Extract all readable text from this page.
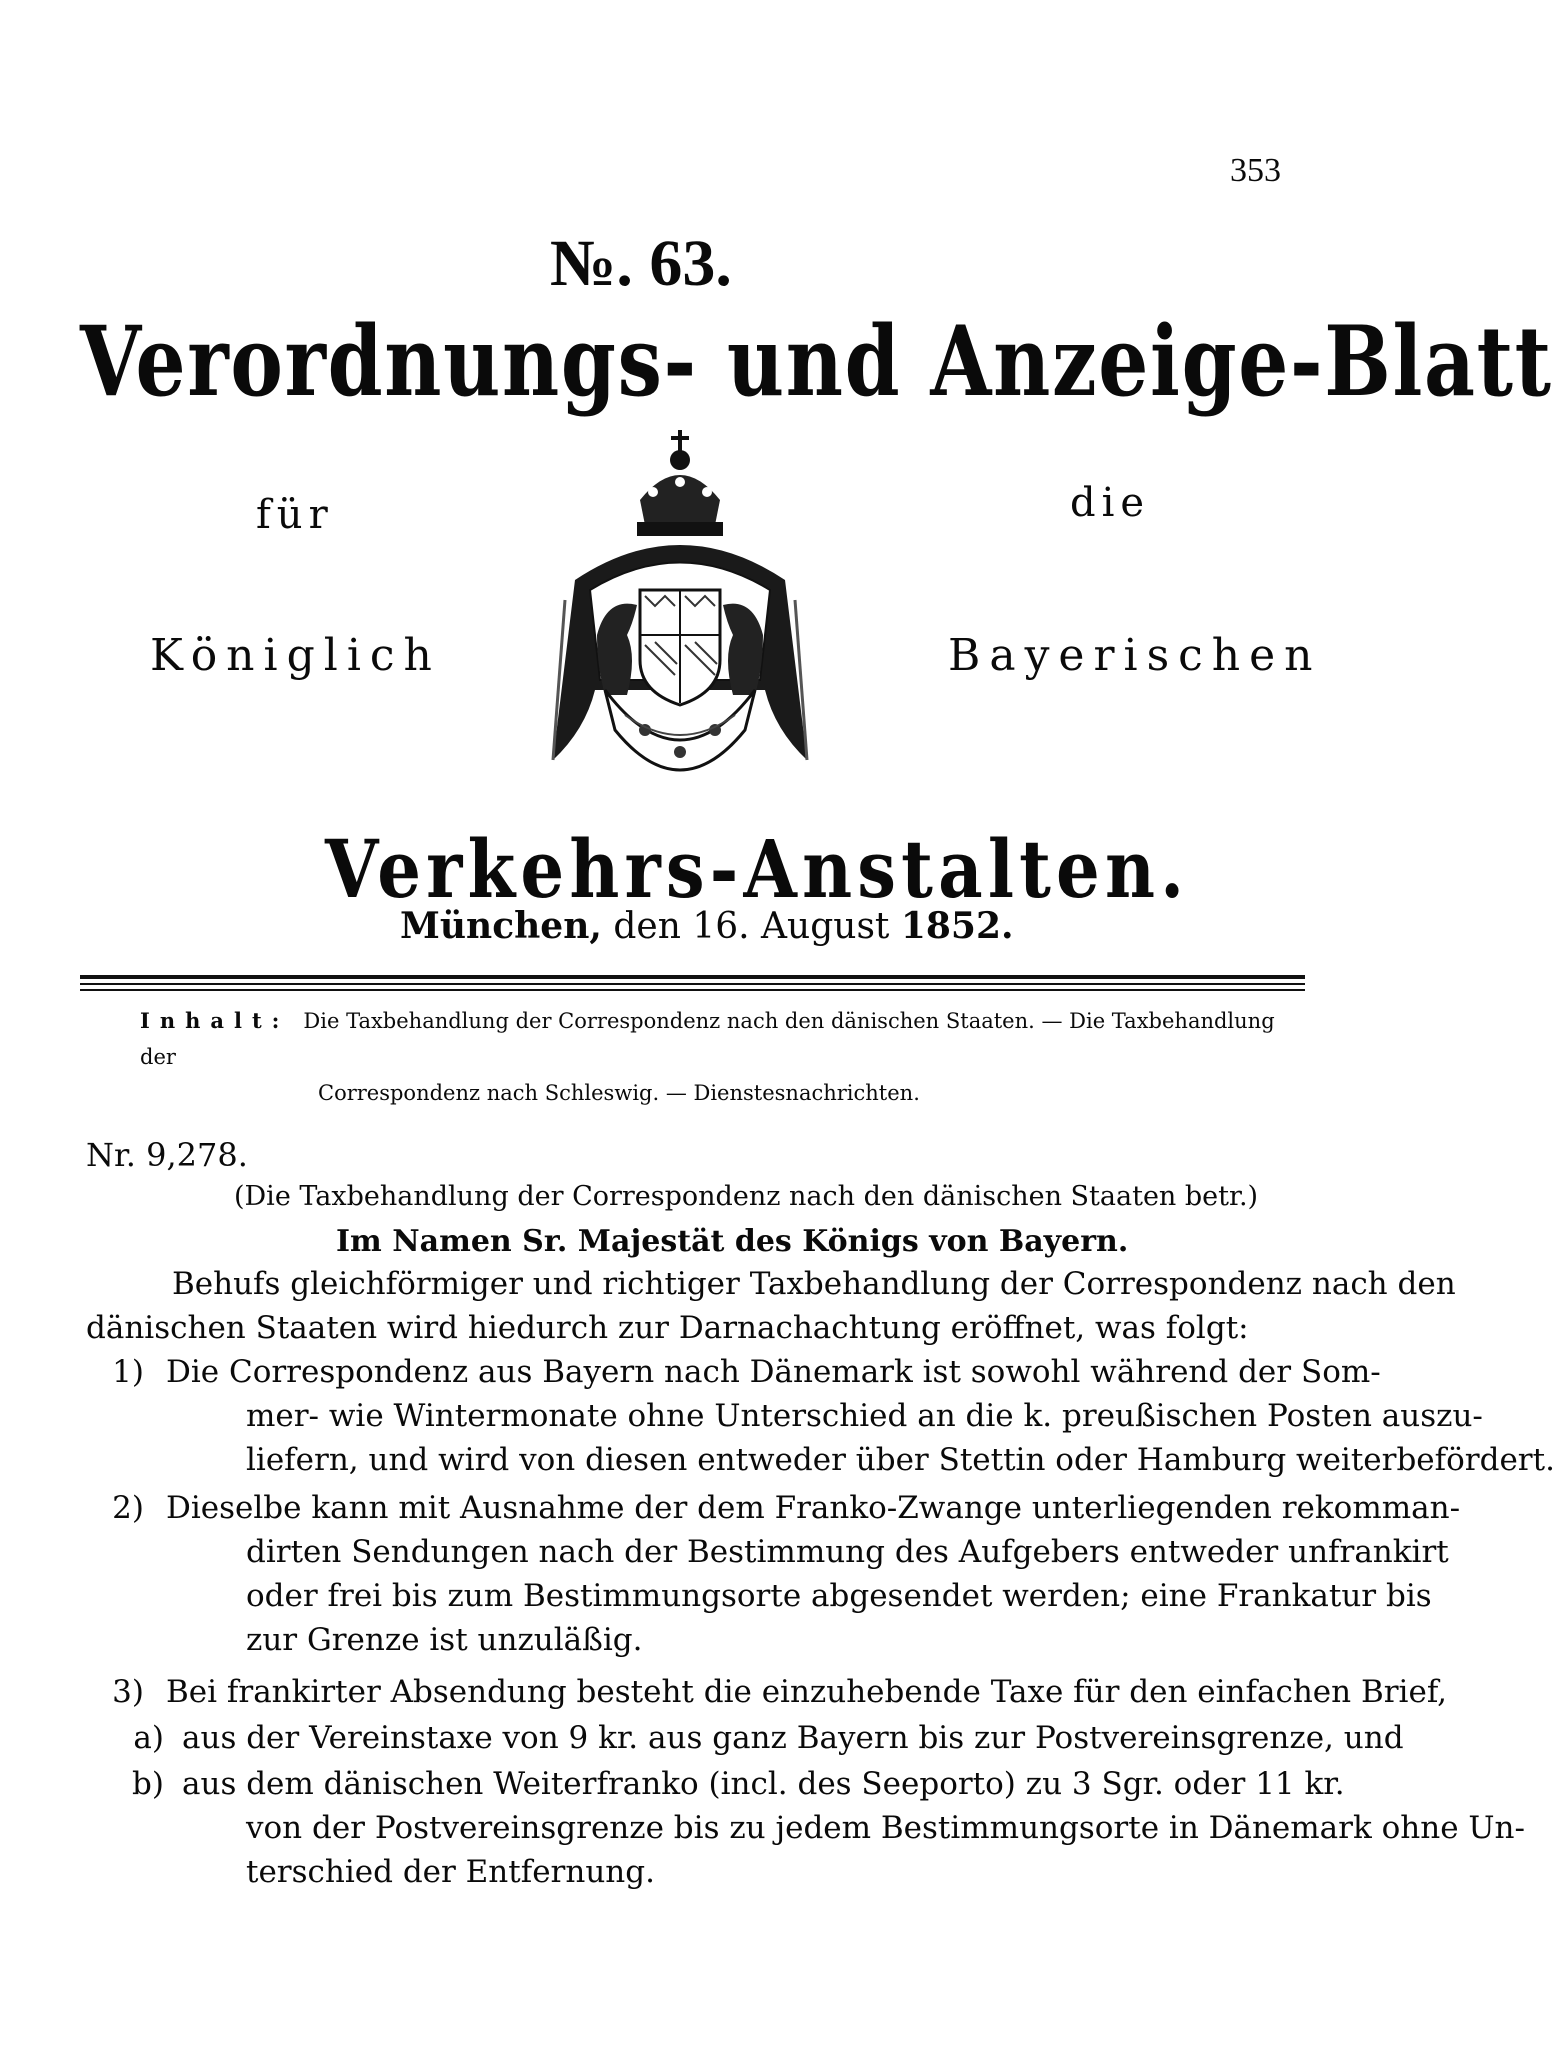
353
№. 63.
Verordnungs- und Anzeige-Blatt
für	die
Königlich	Bayerischen
Verkehrs-Anstalten.
München, den 16. August 1852.
Inhalt: Die Taxbehandlung der Correspondenz nach den dänischen Staaten. — Die Taxbehandlung der
Correspondenz nach Schleswig. — Dienstesnachrichten.
Nr. 9,278.
(Die Taxbehandlung der Correspondenz nach den dänischen Staaten betr.)
Im Namen Sr. Majestät des Königs von Bayern.
Behufs gleichförmiger und richtiger Taxbehandlung der Correspondenz nach den
dänischen Staaten wird hiedurch zur Darnachachtung eröffnet, was folgt:
1) Die Correspondenz aus Bayern nach Dänemark ist sowohl während der Som-
mer- wie Wintermonate ohne Unterschied an die k. preußischen Posten auszu-
liefern, und wird von diesen entweder über Stettin oder Hamburg weiterbefördert.
2) Dieselbe kann mit Ausnahme der dem Franko-Zwange unterliegenden rekomman-
dirten Sendungen nach der Bestimmung des Aufgebers entweder unfrankirt
oder frei bis zum Bestimmungsorte abgesendet werden; eine Frankatur bis
zur Grenze ist unzuläßig.
3) Bei frankirter Absendung besteht die einzuhebende Taxe für den einfachen Brief,
a) aus der Vereinstaxe von 9 kr. aus ganz Bayern bis zur Postvereinsgrenze, und
b) aus dem dänischen Weiterfranko (incl. des Seeporto) zu 3 Sgr. oder 11 kr.
von der Postvereinsgrenze bis zu jedem Bestimmungsorte in Dänemark ohne Un-
terschied der Entfernung.
